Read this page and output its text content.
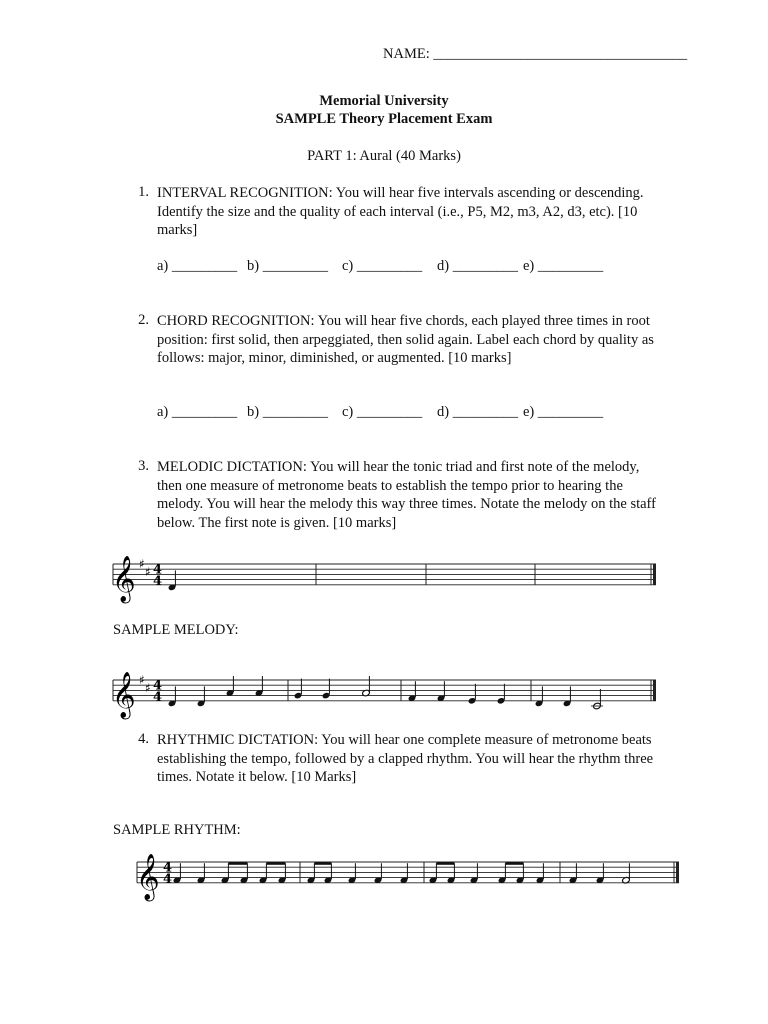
NAME: ___________________________________
Memorial University
SAMPLE Theory Placement Exam
PART 1: Aural (40 Marks)
1. INTERVAL RECOGNITION: You will hear five intervals ascending or descending. Identify the size and the quality of each interval (i.e., P5, M2, m3, A2, d3, etc). [10 marks]
a) _________ b) _________ c) _________	d) _________ e) _________
2. CHORD RECOGNITION: You will hear five chords, each played three times in root position: first solid, then arpeggiated, then solid again. Label each chord by quality as follows: major, minor, diminished, or augmented. [10 marks]
a) _________ b) _________ c) _________	d) _________ e) _________
3. MELODIC DICTATION: You will hear the tonic triad and first note of the melody, then one measure of metronome beats to establish the tempo prior to hearing the melody. You will hear the melody this way three times. Notate the melody on the staff below. The first note is given. [10 marks]
SAMPLE MELODY:
4. RHYTHMIC DICTATION: You will hear one complete measure of metronome beats establishing the tempo, followed by a clapped rhythm. You will hear the rhythm three times. Notate it below. [10 Marks]
SAMPLE RHYTHM:
𝄞 ♯
♯ 4
4
𝄞 ♯
♯ 4
4
𝄞 4
4
